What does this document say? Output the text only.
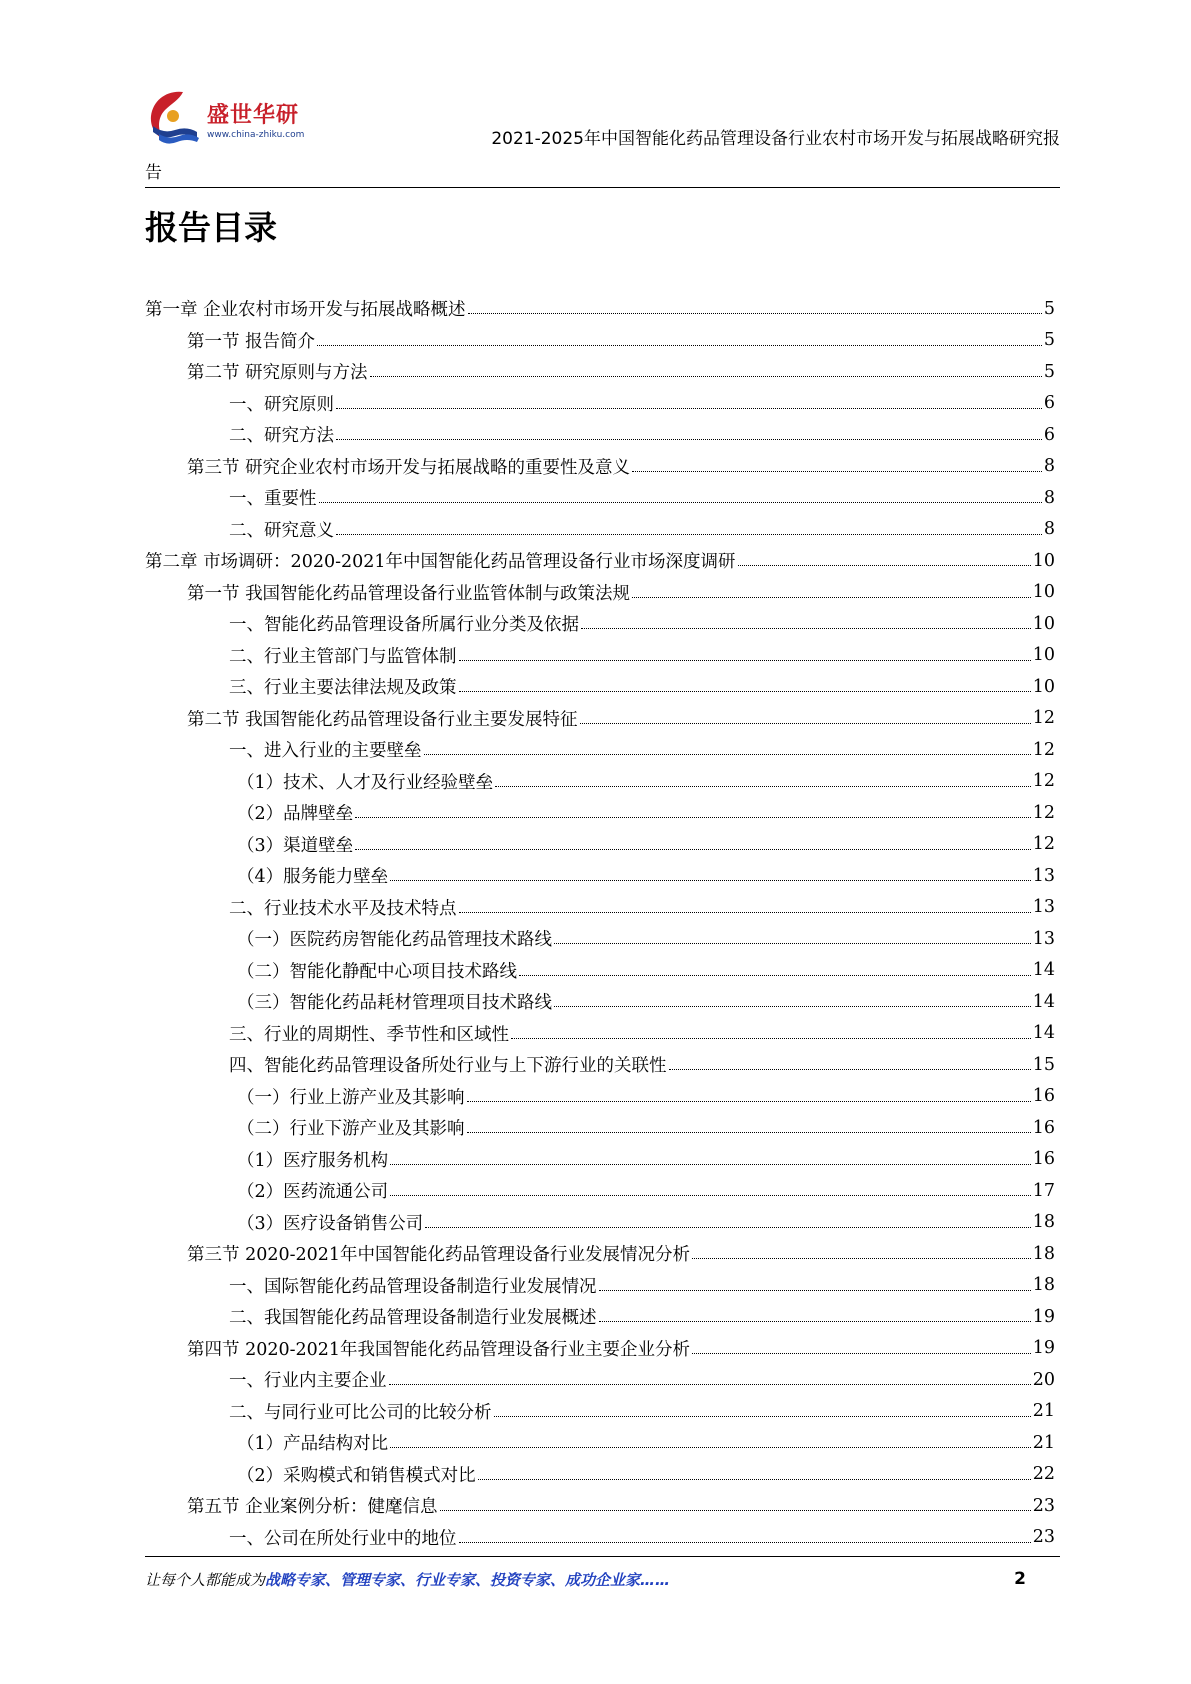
盛世华研
www.china-zhiku.com	2021-2025年中国智能化药品管理设备行业农村市场开发与拓展战略研究报
告
报告目录
第一章 企业农村市场开发与拓展战略概述	5
第一节 报告简介	5
第二节 研究原则与方法	5
一、研究原则	6
二、研究方法	6
第三节 研究企业农村市场开发与拓展战略的重要性及意义	8
一、重要性	8
二、研究意义	8
第二章 市场调研：2020-2021年中国智能化药品管理设备行业市场深度调研	10
第一节 我国智能化药品管理设备行业监管体制与政策法规	10
一、智能化药品管理设备所属行业分类及依据	10
二、行业主管部门与监管体制	10
三、行业主要法律法规及政策	10
第二节 我国智能化药品管理设备行业主要发展特征	12
一、进入行业的主要壁垒	12
（1）技术、人才及行业经验壁垒	12
（2）品牌壁垒	12
（3）渠道壁垒	12
（4）服务能力壁垒	13
二、行业技术水平及技术特点	13
（一）医院药房智能化药品管理技术路线	13
（二）智能化静配中心项目技术路线	14
（三）智能化药品耗材管理项目技术路线	14
三、行业的周期性、季节性和区域性	14
四、智能化药品管理设备所处行业与上下游行业的关联性	15
（一）行业上游产业及其影响	16
（二）行业下游产业及其影响	16
（1）医疗服务机构	16
（2）医药流通公司	17
（3）医疗设备销售公司	18
第三节 2020-2021年中国智能化药品管理设备行业发展情况分析	18
一、国际智能化药品管理设备制造行业发展情况	18
二、我国智能化药品管理设备制造行业发展概述	19
第四节 2020-2021年我国智能化药品管理设备行业主要企业分析	19
一、行业内主要企业	20
二、与同行业可比公司的比较分析	21
（1）产品结构对比	21
（2）采购模式和销售模式对比	22
第五节 企业案例分析：健麾信息	23
一、公司在所处行业中的地位	23
让每个人都能成为战略专家、管理专家、行业专家、投资专家、成功企业家……	2
